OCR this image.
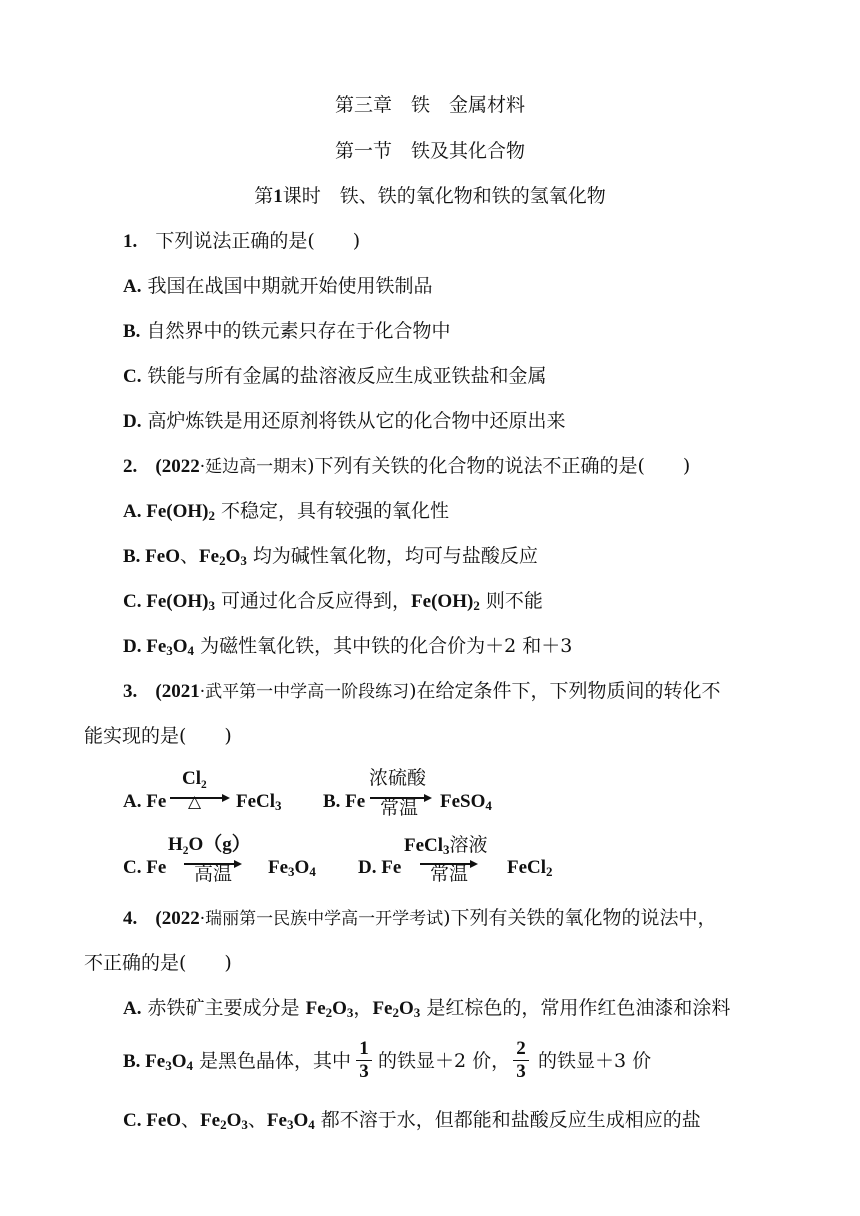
第三章　铁　金属材料
第一节　铁及其化合物
第1课时　铁、铁的氧化物和铁的氢氧化物
1. 下列说法正确的是(　　)
A. 我国在战国中期就开始使用铁制品
B. 自然界中的铁元素只存在于化合物中
C. 铁能与所有金属的盐溶液反应生成亚铁盐和金属
D. 高炉炼铁是用还原剂将铁从它的化合物中还原出来
2. (2022·延边高一期末)下列有关铁的化合物的说法不正确的是(　　)
A. $Fe(OH)_2$ 不稳定，具有较强的氧化性
B. FeO、$Fe_2O_3$ 均为碱性氧化物，均可与盐酸反应
C. $Fe(OH)_3$ 可通过化合反应得到，$Fe(OH)_2$ 则不能
D. $Fe_3O_4$ 为磁性氧化铁，其中铁的化合价为＋2 和＋3
3. (2021·武平第一中学高一阶段练习)在给定条件下，下列物质间的转化不
能实现的是(　　)
A. Fe
Cl₂
△ FeCl$_3$ B. Fe
浓硫酸
常温 FeSO$_4$
C. Fe
H₂O（g）
高温 $Fe_3O_4$ D. Fe
FeCl$_3$溶液
常温 FeCl$_2$
4. (2022·瑞丽第一民族中学高一开学考试)下列有关铁的氧化物的说法中，
不正确的是(　　)
A. 赤铁矿主要成分是 $Fe_2O_3$，$Fe_2O_3$ 是红棕色的，常用作红色油漆和涂料
B. $Fe_3O_4$ 是黑色晶体，其中
1
3 的铁显＋2 价，
2
3 的铁显＋3 价
C. FeO、$Fe_2O_3$、$Fe_3O_4$ 都不溶于水，但都能和盐酸反应生成相应的盐
